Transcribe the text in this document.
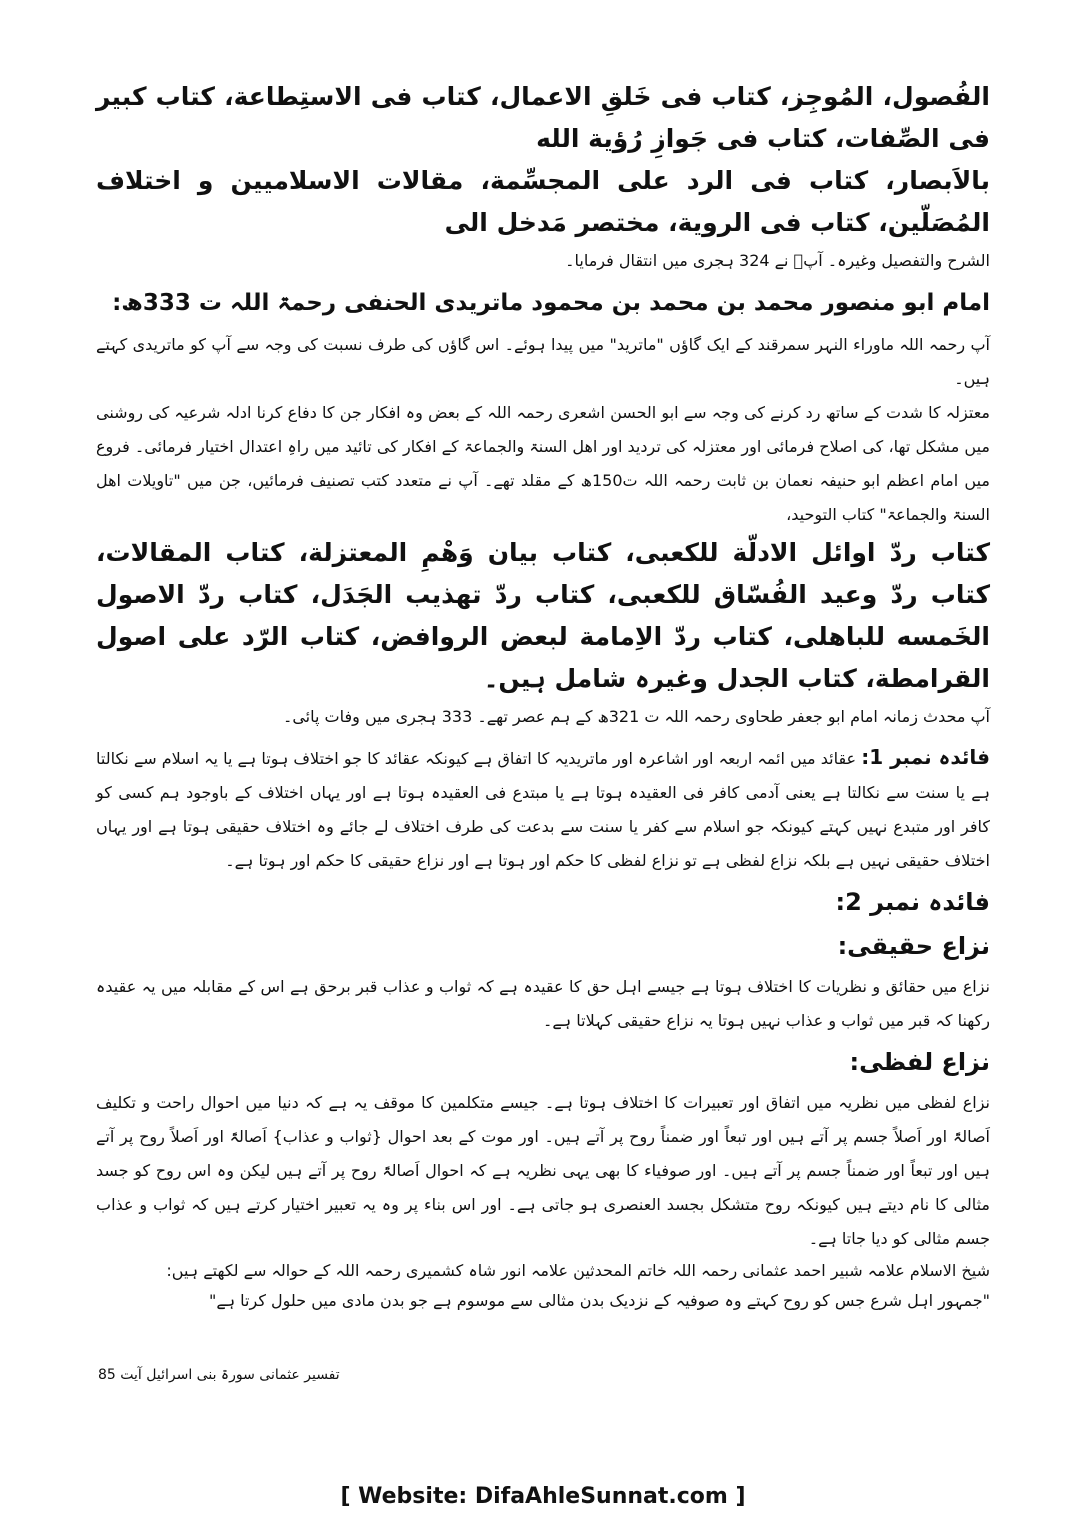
الفُصول، المُوجِز، کتاب فی خَلقِ الاعمال، کتاب فی الاستِطاعة، کتاب کبیر فی الصِّفات، کتاب فی جَوازِ رُؤیة الله

بالاَبصار، کتاب فی الرد علی المجسِّمة، مقالات الاسلامیین و اختلاف المُصَلّین، کتاب فی الرویة، مختصر مَدخل الی

الشرح والتفصیل وغیرہ۔ آپؒ نے 324 ہجری میں انتقال فرمایا۔

امام ابو منصور محمد بن محمد بن محمود ماتریدی الحنفی رحمۃ اللہ ت 333ھ:

آپ رحمہ اللہ ماوراء النہر سمرقند کے ایک گاؤں "ماترید" میں پیدا ہوئے۔ اس گاؤں کی طرف نسبت کی وجہ سے آپ کو ماتریدی کہتے ہیں۔

معتزلہ کا شدت کے ساتھ رد کرنے کی وجہ سے ابو الحسن اشعری رحمہ اللہ کے بعض وہ افکار جن کا دفاع کرنا ادلہ شرعیہ کی روشنی میں مشکل تھا، کی اصلاح فرمائی اور معتزلہ کی تردید اور اھل السنۃ والجماعۃ کے افکار کی تائید میں راہِ اعتدال اختیار فرمائی۔ فروع میں امام اعظم ابو حنیفہ نعمان بن ثابت رحمہ اللہ ت150ھ کے مقلد تھے۔ آپ نے متعدد کتب تصنیف فرمائیں، جن میں "تاویلات اھل السنۃ والجماعۃ" کتاب التوحید،

کتاب ردّ اوائل الادلّة للکعبی، کتاب بیان وَھْمِ المعتزلة، کتاب المقالات، کتاب ردّ وعید الفُسّاق للکعبی، کتاب ردّ تھذیب الجَدَل، کتاب ردّ الاصول الخَمسه للباھلی، کتاب ردّ الاِمامة لبعض الروافض، کتاب الرّد علی اصول القرامطة، کتاب الجدل وغیرہ شامل ہیں۔

آپ محدث زمانہ امام ابو جعفر طحاوی رحمہ اللہ ت 321ھ کے ہم عصر تھے۔ 333 ہجری میں وفات پائی۔

فائدہ نمبر 1: عقائد میں ائمہ اربعہ اور اشاعرہ اور ماتریدیہ کا اتفاق ہے کیونکہ عقائد کا جو اختلاف ہوتا ہے یا یہ اسلام سے نکالتا ہے یا سنت سے نکالتا ہے یعنی آدمی کافر فی العقیدہ ہوتا ہے یا مبتدع فی العقیدہ ہوتا ہے اور یہاں اختلاف کے باوجود ہم کسی کو کافر اور متبدع نہیں کہتے کیونکہ جو اسلام سے کفر یا سنت سے بدعت کی طرف اختلاف لے جائے وہ اختلاف حقیقی ہوتا ہے اور یہاں اختلاف حقیقی نہیں ہے بلکہ نزاع لفظی ہے تو نزاع لفظی کا حکم اور ہوتا ہے اور نزاع حقیقی کا حکم اور ہوتا ہے۔

فائدہ نمبر 2:

نزاع حقیقی:

نزاع میں حقائق و نظریات کا اختلاف ہوتا ہے جیسے اہل حق کا عقیدہ ہے کہ ثواب و عذاب قبر برحق ہے اس کے مقابلہ میں یہ عقیدہ رکھنا کہ قبر میں ثواب و عذاب نہیں ہوتا یہ نزاع حقیقی کہلاتا ہے۔

نزاع لفظی:

نزاع لفظی میں نظریہ میں اتفاق اور تعبیرات کا اختلاف ہوتا ہے۔ جیسے متکلمین کا موقف یہ ہے کہ دنیا میں احوال راحت و تکلیف اَصالۃً اور اَصلاً جسم پر آتے ہیں اور تبعاً اور ضمناً روح پر آتے ہیں۔ اور موت کے بعد احوال {ثواب و عذاب} اَصالۃً اور اَصلاً روح پر آتے ہیں اور تبعاً اور ضمناً جسم پر آتے ہیں۔ اور صوفیاء کا بھی یہی نظریہ ہے کہ احوال اَصالۃً روح پر آتے ہیں لیکن وہ اس روح کو جسد مثالی کا نام دیتے ہیں کیونکہ روح متشکل بجسد العنصری ہو جاتی ہے۔ اور اس بناء پر وہ یہ تعبیر اختیار کرتے ہیں کہ ثواب و عذاب جسم مثالی کو دیا جاتا ہے۔

شیخ الاسلام علامہ شبیر احمد عثمانی رحمہ اللہ خاتم المحدثین علامہ انور شاہ کشمیری رحمہ اللہ کے حوالہ سے لکھتے ہیں:

"جمہور اہل شرع جس کو روح کہتے وہ صوفیہ کے نزدیک بدن مثالی سے موسوم ہے جو بدن مادی میں حلول کرتا ہے"

تفسیر عثمانی سورۃ بنی اسرائیل آیت 85
[ Website: DifaAhleSunnat.com ]
